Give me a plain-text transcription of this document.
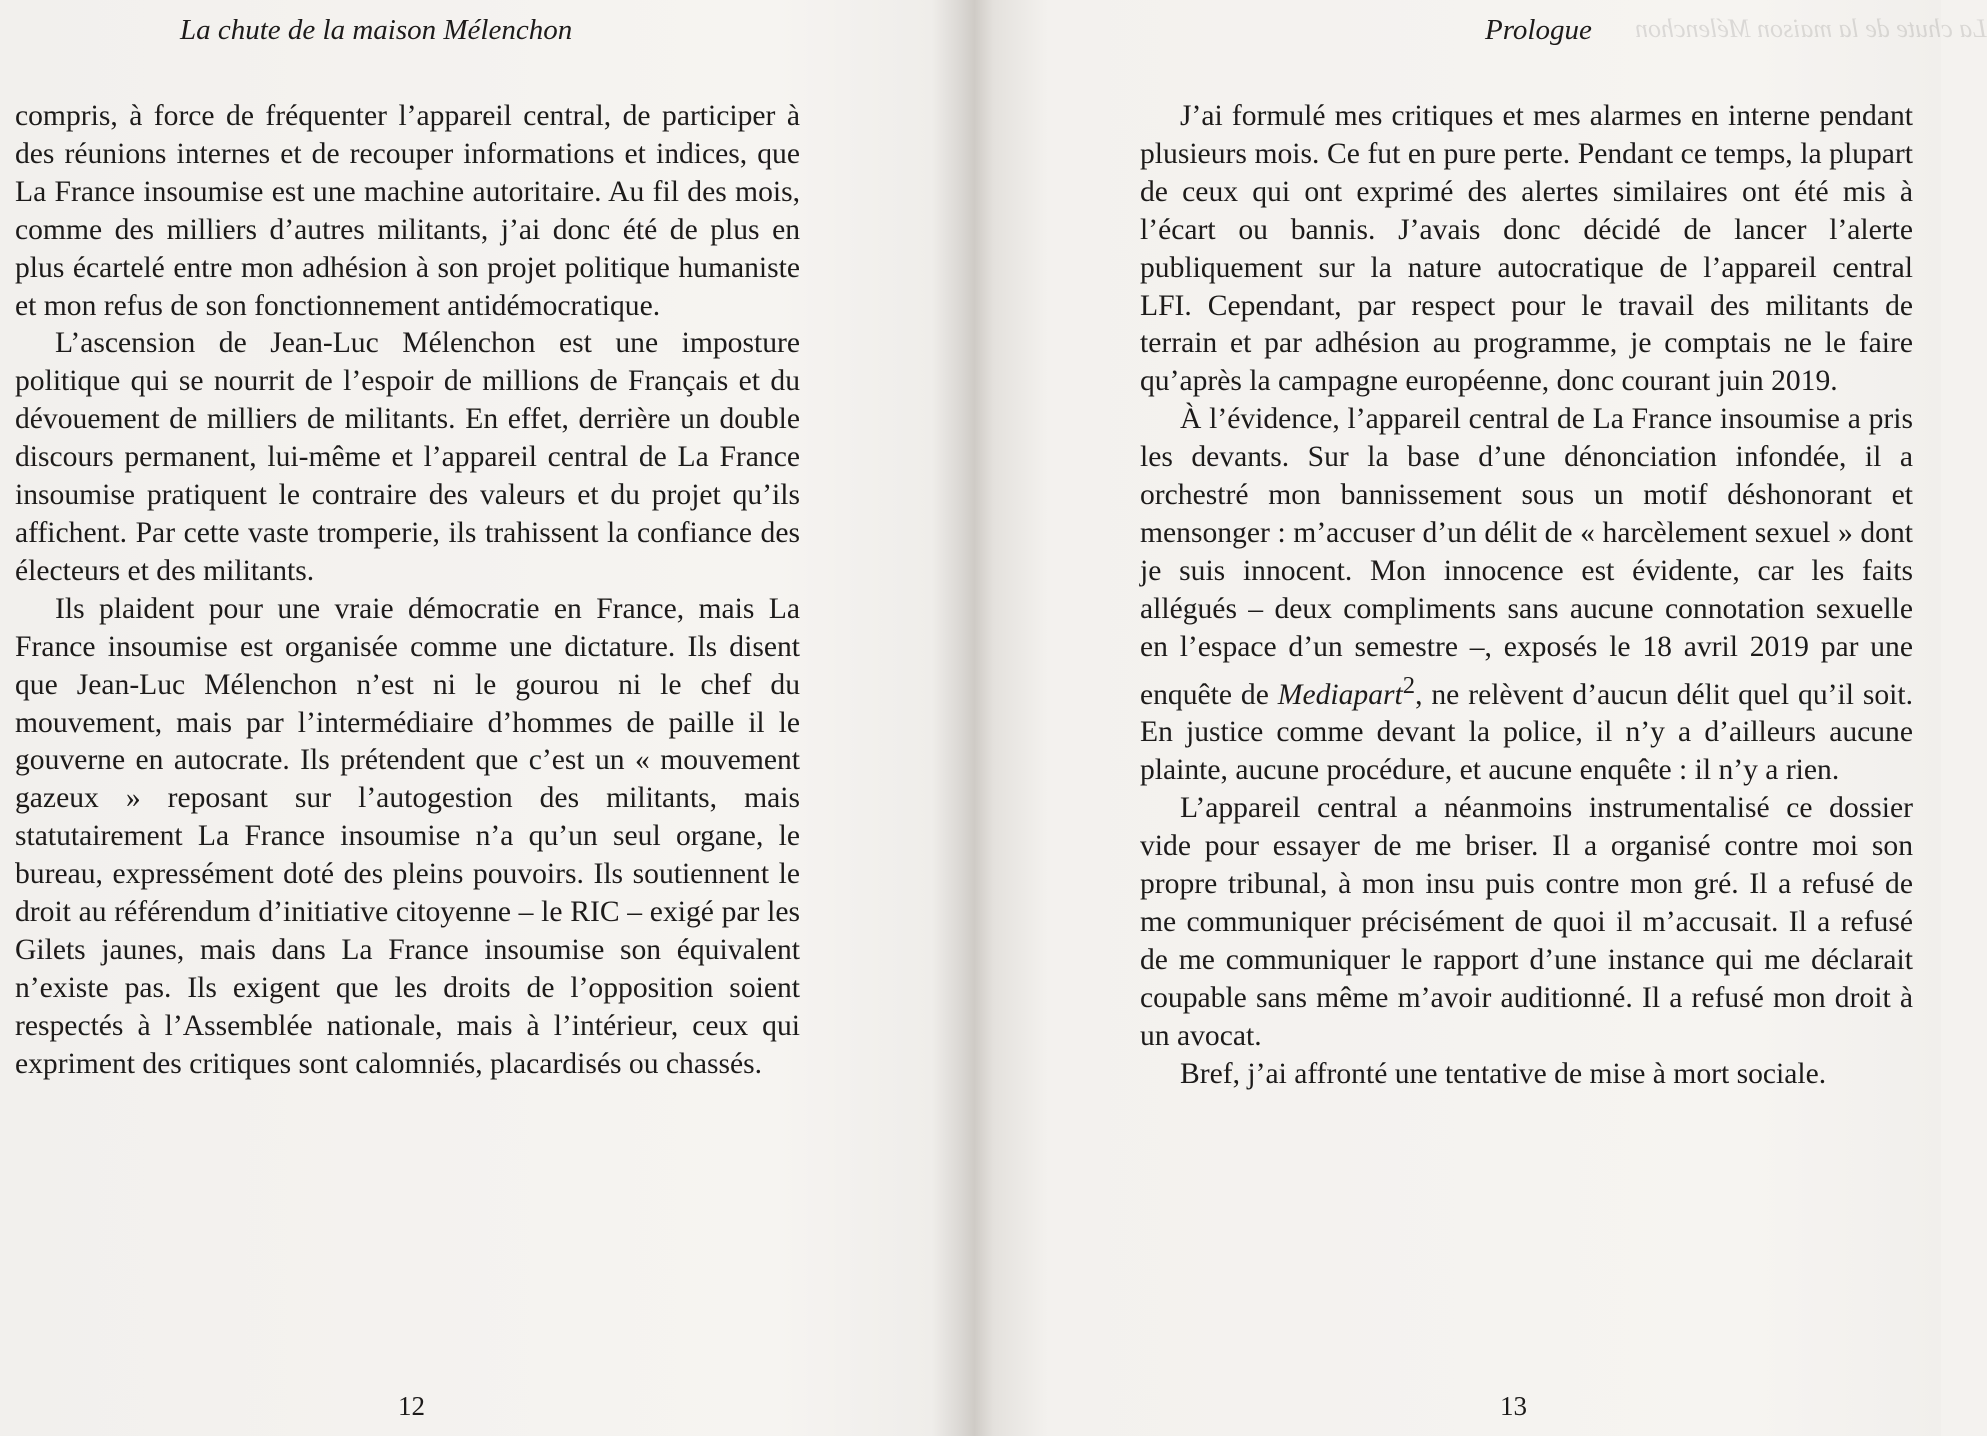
La chute de la maison Mélenchon

compris, à force de fréquenter l’appareil central, de participer à des réunions internes et de recouper informations et indices, que La France insoumise est une machine autoritaire. Au fil des mois, comme des milliers d’autres militants, j’ai donc été de plus en plus écartelé entre mon adhésion à son projet politique humaniste et mon refus de son fonctionnement antidémocratique.

L’ascension de Jean-Luc Mélenchon est une imposture politique qui se nourrit de l’espoir de millions de Français et du dévouement de milliers de militants. En effet, derrière un double discours permanent, lui-même et l’appareil central de La France insoumise pratiquent le contraire des valeurs et du projet qu’ils affichent. Par cette vaste tromperie, ils trahissent la confiance des électeurs et des militants.

Ils plaident pour une vraie démocratie en France, mais La France insoumise est organisée comme une dictature. Ils disent que Jean-Luc Mélenchon n’est ni le gourou ni le chef du mouvement, mais par l’intermédiaire d’hommes de paille il le gouverne en autocrate. Ils prétendent que c’est un « mouvement gazeux » reposant sur l’autogestion des militants, mais statutairement La France insoumise n’a qu’un seul organe, le bureau, expressément doté des pleins pouvoirs. Ils soutiennent le droit au référendum d’initiative citoyenne – le RIC – exigé par les Gilets jaunes, mais dans La France insoumise son équivalent n’existe pas. Ils exigent que les droits de l’opposition soient respectés à l’Assemblée nationale, mais à l’intérieur, ceux qui expriment des critiques sont calomniés, placardisés ou chassés.

12
La chute de la maison Mélenchon
Prologue

J’ai formulé mes critiques et mes alarmes en interne pendant plusieurs mois. Ce fut en pure perte. Pendant ce temps, la plupart de ceux qui ont exprimé des alertes similaires ont été mis à l’écart ou bannis. J’avais donc décidé de lancer l’alerte publiquement sur la nature autocratique de l’appareil central LFI. Cependant, par respect pour le travail des militants de terrain et par adhésion au programme, je comptais ne le faire qu’après la campagne européenne, donc courant juin 2019.

À l’évidence, l’appareil central de La France insoumise a pris les devants. Sur la base d’une dénonciation infondée, il a orchestré mon bannissement sous un motif déshonorant et mensonger : m’accuser d’un délit de « harcèlement sexuel » dont je suis innocent. Mon innocence est évidente, car les faits allégués – deux compliments sans aucune connotation sexuelle en l’espace d’un semestre –, exposés le 18 avril 2019 par une enquête de Mediapart$^2$, ne relèvent d’aucun délit quel qu’il soit. En justice comme devant la police, il n’y a d’ailleurs aucune plainte, aucune procédure, et aucune enquête : il n’y a rien.

L’appareil central a néanmoins instrumentalisé ce dossier vide pour essayer de me briser. Il a organisé contre moi son propre tribunal, à mon insu puis contre mon gré. Il a refusé de me communiquer précisément de quoi il m’accusait. Il a refusé de me communiquer le rapport d’une instance qui me déclarait coupable sans même m’avoir auditionné. Il a refusé mon droit à un avocat.

Bref, j’ai affronté une tentative de mise à mort sociale.

13
